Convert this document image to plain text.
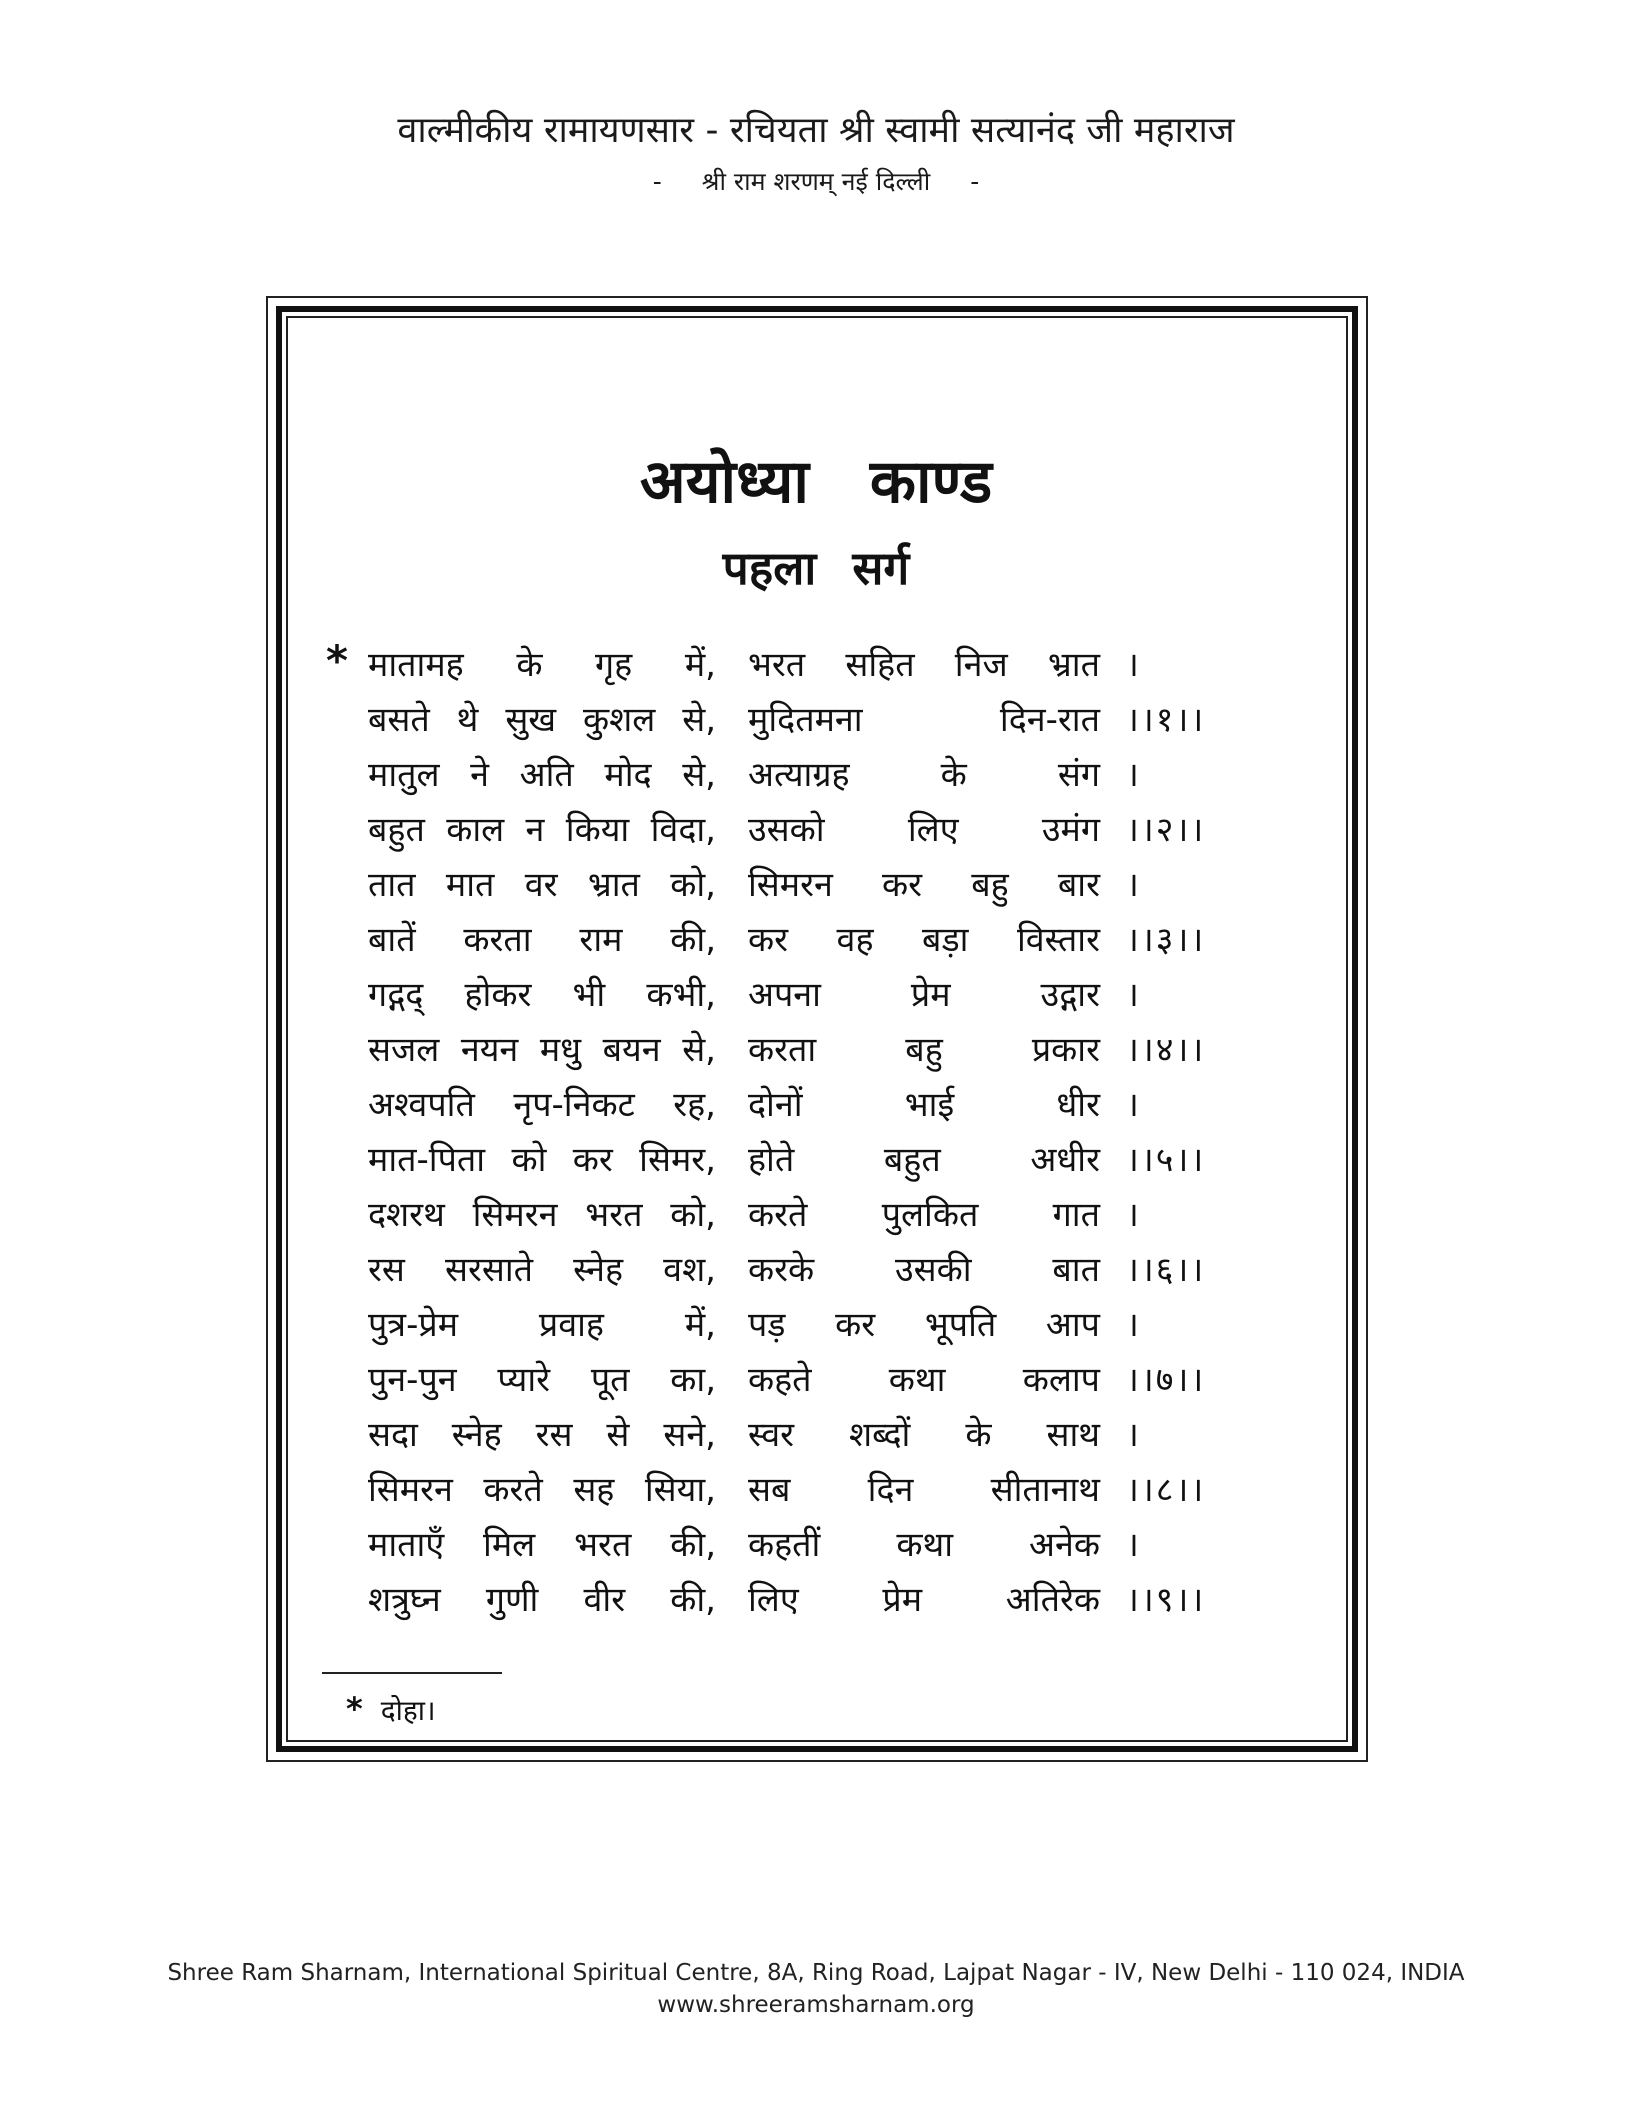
वाल्मीकीय रामायणसार - रचियता श्री स्वामी सत्यानंद जी महाराज
- श्री राम शरणम् नई दिल्ली -
अयोध्या काण्ड
पहला सर्ग
* मातामह के गृह में, भरत सहित निज भ्रात ।
बसते थे सुख कुशल से, मुदितमना दिन-रात ।।१।।
मातुल ने अति मोद से, अत्याग्रह के संग ।
बहुत काल न किया विदा, उसको लिए उमंग ।।२।।
तात मात वर भ्रात को, सिमरन कर बहु बार ।
बातें करता राम की, कर वह बड़ा विस्तार ।।३।।
गद्गद् होकर भी कभी, अपना प्रेम उद्गार ।
सजल नयन मधु बयन से, करता बहु प्रकार ।।४।।
अश्वपति नृप-निकट रह, दोनों भाई धीर ।
मात-पिता को कर सिमर, होते बहुत अधीर ।।५।।
दशरथ सिमरन भरत को, करते पुलकित गात ।
रस सरसाते स्नेह वश, करके उसकी बात ।।६।।
पुत्र-प्रेम प्रवाह में, पड़ कर भूपति आप ।
पुन-पुन प्यारे पूत का, कहते कथा कलाप ।।७।।
सदा स्नेह रस से सने, स्वर शब्दों के साथ ।
सिमरन करते सह सिया, सब दिन सीतानाथ ।।८।।
माताएँ मिल भरत की, कहतीं कथा अनेक ।
शत्रुघ्न गुणी वीर की, लिए प्रेम अतिरेक ।।९।।
* दोहा।
Shree Ram Sharnam, International Spiritual Centre, 8A, Ring Road, Lajpat Nagar - IV, New Delhi - 110 024, INDIA
www.shreeramsharnam.org
